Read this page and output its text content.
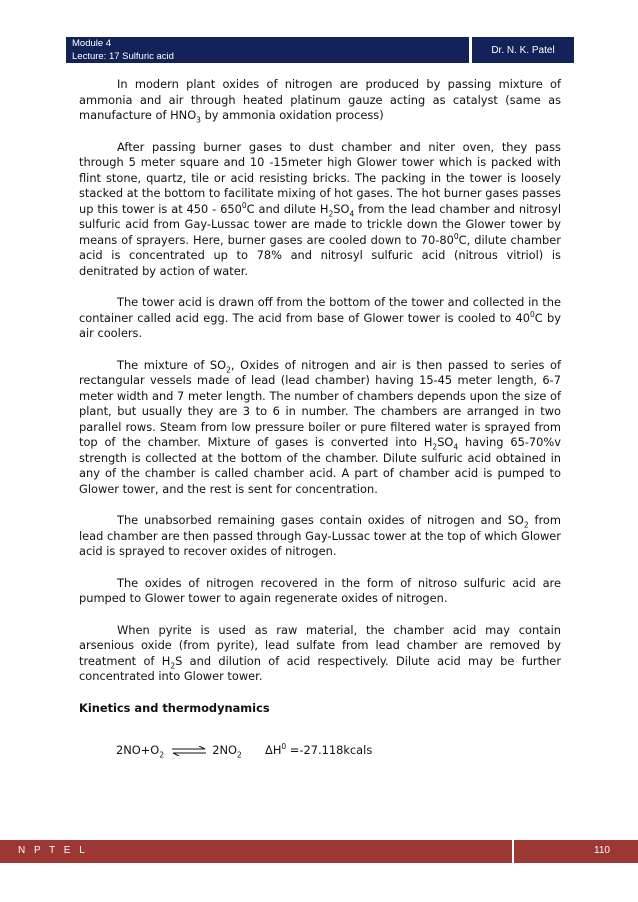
Module 4
Lecture: 17 Sulfuric acid
Dr. N. K. Patel

In modern plant oxides of nitrogen are produced by passing mixture of ammonia and air through heated platinum gauze acting as catalyst (same as manufacture of $HNO_3$ by ammonia oxidation process)

After passing burner gases to dust chamber and niter oven, they pass through 5 meter square and 10 -15meter high Glower tower which is packed with flint stone, quartz, tile or acid resisting bricks. The packing in the tower is loosely stacked at the bottom to facilitate mixing of hot gases. The hot burner gases passes up this tower is at $450 - 650^0C$ and dilute $H_2SO_4$ from the lead chamber and nitrosyl sulfuric acid from Gay-Lussac tower are made to trickle down the Glower tower by means of sprayers. Here, burner gases are cooled down to $70-80^0C$, dilute chamber acid is concentrated up to 78% and nitrosyl sulfuric acid (nitrous vitriol) is denitrated by action of water.

The tower acid is drawn off from the bottom of the tower and collected in the container called acid egg. The acid from base of Glower tower is cooled to $40^0C$ by air coolers.

The mixture of $SO_2$, Oxides of nitrogen and air is then passed to series of rectangular vessels made of lead (lead chamber) having 15-45 meter length, 6-7 meter width and 7 meter length. The number of chambers depends upon the size of plant, but usually they are 3 to 6 in number. The chambers are arranged in two parallel rows. Steam from low pressure boiler or pure filtered water is sprayed from top of the chamber. Mixture of gases is converted into $H_2SO_4$ having 65-70%v strength is collected at the bottom of the chamber. Dilute sulfuric acid obtained in any of the chamber is called chamber acid. A part of chamber acid is pumped to Glower tower, and the rest is sent for concentration.

The unabsorbed remaining gases contain oxides of nitrogen and $SO_2$ from lead chamber are then passed through Gay-Lussac tower at the top of which Glower acid is sprayed to recover oxides of nitrogen.

The oxides of nitrogen recovered in the form of nitroso sulfuric acid are pumped to Glower tower to again regenerate oxides of nitrogen.

When pyrite is used as raw material, the chamber acid may contain arsenious oxide (from pyrite), lead sulfate from lead chamber are removed by treatment of $H_2S$ and dilution of acid respectively. Dilute acid may be further concentrated into Glower tower.

Kinetics and thermodynamics

$2NO+O_2$ ⇌ $2NO_2$ $\Delta H^0$ =-27.118kcals
N P T E L	110
